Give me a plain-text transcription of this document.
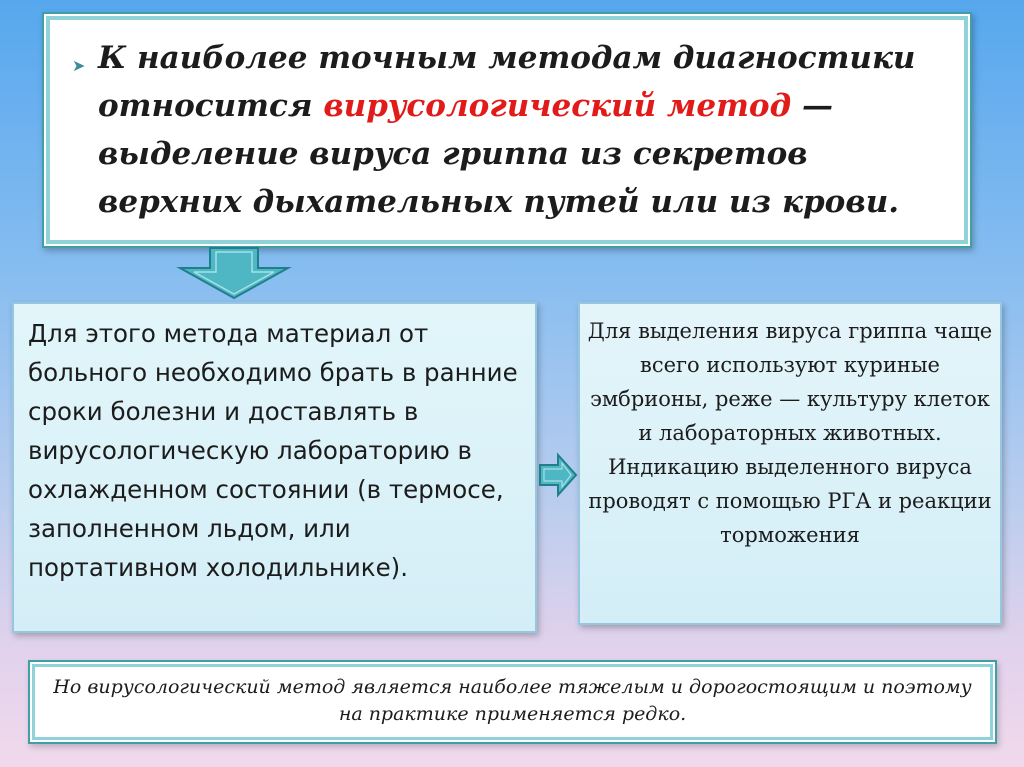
➤ К наиболее точным методам диагностики относится вирусологический метод — выделение вируса гриппа из секретов верхних дыхательных путей или из крови.

Для этого метода материал от больного необходимо брать в ранние сроки болезни и доставлять в вирусологическую лабораторию в охлажденном состоянии (в термосе, заполненном льдом, или портативном холодильнике).

Для выделения вируса гриппа чаще всего используют куриные эмбрионы, реже — культуру клеток и лабораторных животных. Индикацию выделенного вируса проводят с помощью РГА и реакции торможения

Но вирусологический метод является наиболее тяжелым и дорогостоящим и поэтому на практике применяется редко.
